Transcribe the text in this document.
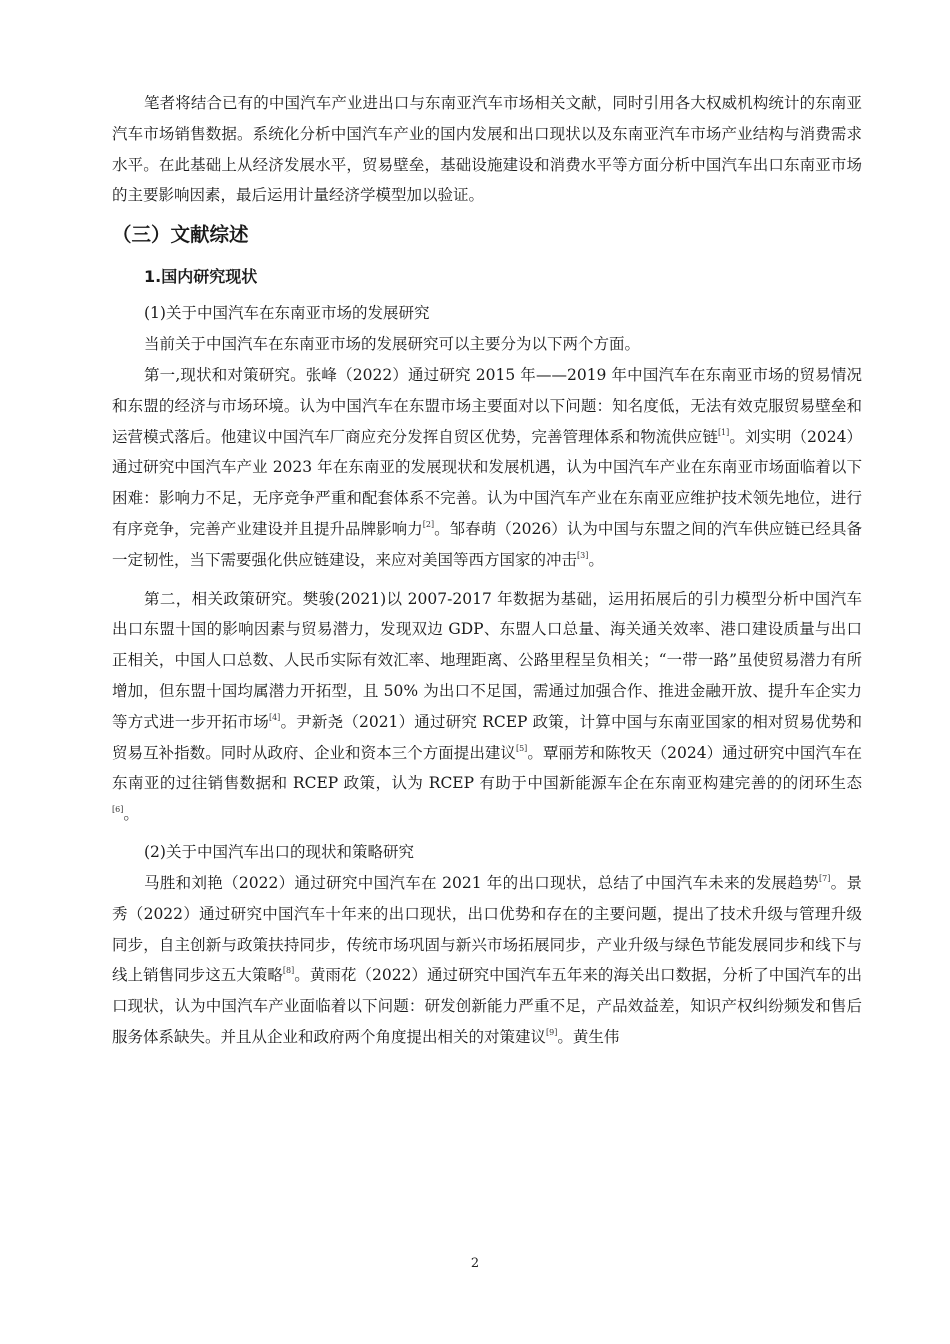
笔者将结合已有的中国汽车产业进出口与东南亚汽车市场相关文献，同时引用各大权威机构统计的东南亚汽车市场销售数据。系统化分析中国汽车产业的国内发展和出口现状以及东南亚汽车市场产业结构与消费需求水平。在此基础上从经济发展水平，贸易壁垒，基础设施建设和消费水平等方面分析中国汽车出口东南亚市场的主要影响因素，最后运用计量经济学模型加以验证。

（三）文献综述
1.国内研究现状

(1)关于中国汽车在东南亚市场的发展研究

当前关于中国汽车在东南亚市场的发展研究可以主要分为以下两个方面。

第一,现状和对策研究。张峰（2022）通过研究 2015 年——2019 年中国汽车在东南亚市场的贸易情况和东盟的经济与市场环境。认为中国汽车在东盟市场主要面对以下问题：知名度低，无法有效克服贸易壁垒和运营模式落后。他建议中国汽车厂商应充分发挥自贸区优势，完善管理体系和物流供应链[1]。刘实明（2024）通过研究中国汽车产业 2023 年在东南亚的发展现状和发展机遇，认为中国汽车产业在东南亚市场面临着以下困难：影响力不足，无序竞争严重和配套体系不完善。认为中国汽车产业在东南亚应维护技术领先地位，进行有序竞争，完善产业建设并且提升品牌影响力[2]。邹春萌（2026）认为中国与东盟之间的汽车供应链已经具备一定韧性，当下需要强化供应链建设，来应对美国等西方国家的冲击[3]。

第二，相关政策研究。樊骏(2021)以 2007-2017 年数据为基础，运用拓展后的引力模型分析中国汽车出口东盟十国的影响因素与贸易潜力，发现双边 GDP、东盟人口总量、海关通关效率、港口建设质量与出口正相关，中国人口总数、人民币实际有效汇率、地理距离、公路里程呈负相关；“一带一路”虽使贸易潜力有所增加，但东盟十国均属潜力开拓型，且 50% 为出口不足国，需通过加强合作、推进金融开放、提升车企实力等方式进一步开拓市场[4]。尹新尧（2021）通过研究 RCEP 政策，计算中国与东南亚国家的相对贸易优势和贸易互补指数。同时从政府、企业和资本三个方面提出建议[5]。覃丽芳和陈牧天（2024）通过研究中国汽车在东南亚的过往销售数据和 RCEP 政策，认为 RCEP 有助于中国新能源车企在东南亚构建完善的的闭环生态[6]。

(2)关于中国汽车出口的现状和策略研究

马胜和刘艳（2022）通过研究中国汽车在 2021 年的出口现状，总结了中国汽车未来的发展趋势[7]。景秀（2022）通过研究中国汽车十年来的出口现状，出口优势和存在的主要问题，提出了技术升级与管理升级同步，自主创新与政策扶持同步，传统市场巩固与新兴市场拓展同步，产业升级与绿色节能发展同步和线下与线上销售同步这五大策略[8]。黄雨花（2022）通过研究中国汽车五年来的海关出口数据，分析了中国汽车的出口现状，认为中国汽车产业面临着以下问题：研发创新能力严重不足，产品效益差，知识产权纠纷频发和售后服务体系缺失。并且从企业和政府两个角度提出相关的对策建议[9]。黄生伟

2
